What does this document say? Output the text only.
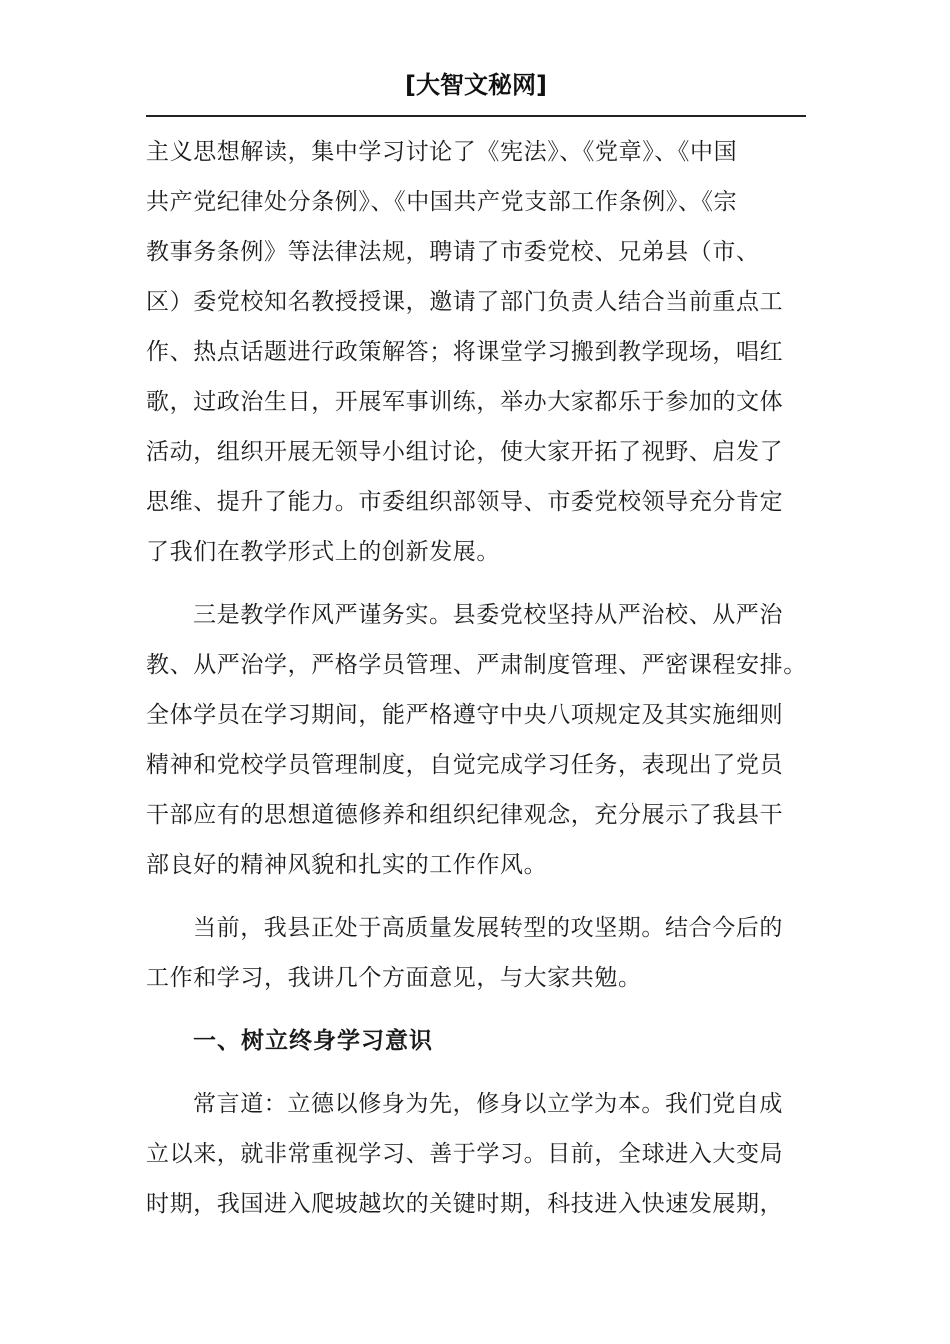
[大智文秘网]
主义思想解读，集中学习讨论了《宪法》、《党章》、《中国
共产党纪律处分条例》、《中国共产党支部工作条例》、《宗
教事务条例》等法律法规，聘请了市委党校、兄弟县（市、
区）委党校知名教授授课，邀请了部门负责人结合当前重点工
作、热点话题进行政策解答；将课堂学习搬到教学现场，唱红
歌，过政治生日，开展军事训练，举办大家都乐于参加的文体
活动，组织开展无领导小组讨论，使大家开拓了视野、启发了
思维、提升了能力。市委组织部领导、市委党校领导充分肯定
了我们在教学形式上的创新发展。
三是教学作风严谨务实。县委党校坚持从严治校、从严治
教、从严治学，严格学员管理、严肃制度管理、严密课程安排。
全体学员在学习期间，能严格遵守中央八项规定及其实施细则
精神和党校学员管理制度，自觉完成学习任务，表现出了党员
干部应有的思想道德修养和组织纪律观念，充分展示了我县干
部良好的精神风貌和扎实的工作作风。
当前，我县正处于高质量发展转型的攻坚期。结合今后的
工作和学习，我讲几个方面意见，与大家共勉。
一、树立终身学习意识
常言道：立德以修身为先，修身以立学为本。我们党自成
立以来，就非常重视学习、善于学习。目前，全球进入大变局
时期，我国进入爬坡越坎的关键时期，科技进入快速发展期，
